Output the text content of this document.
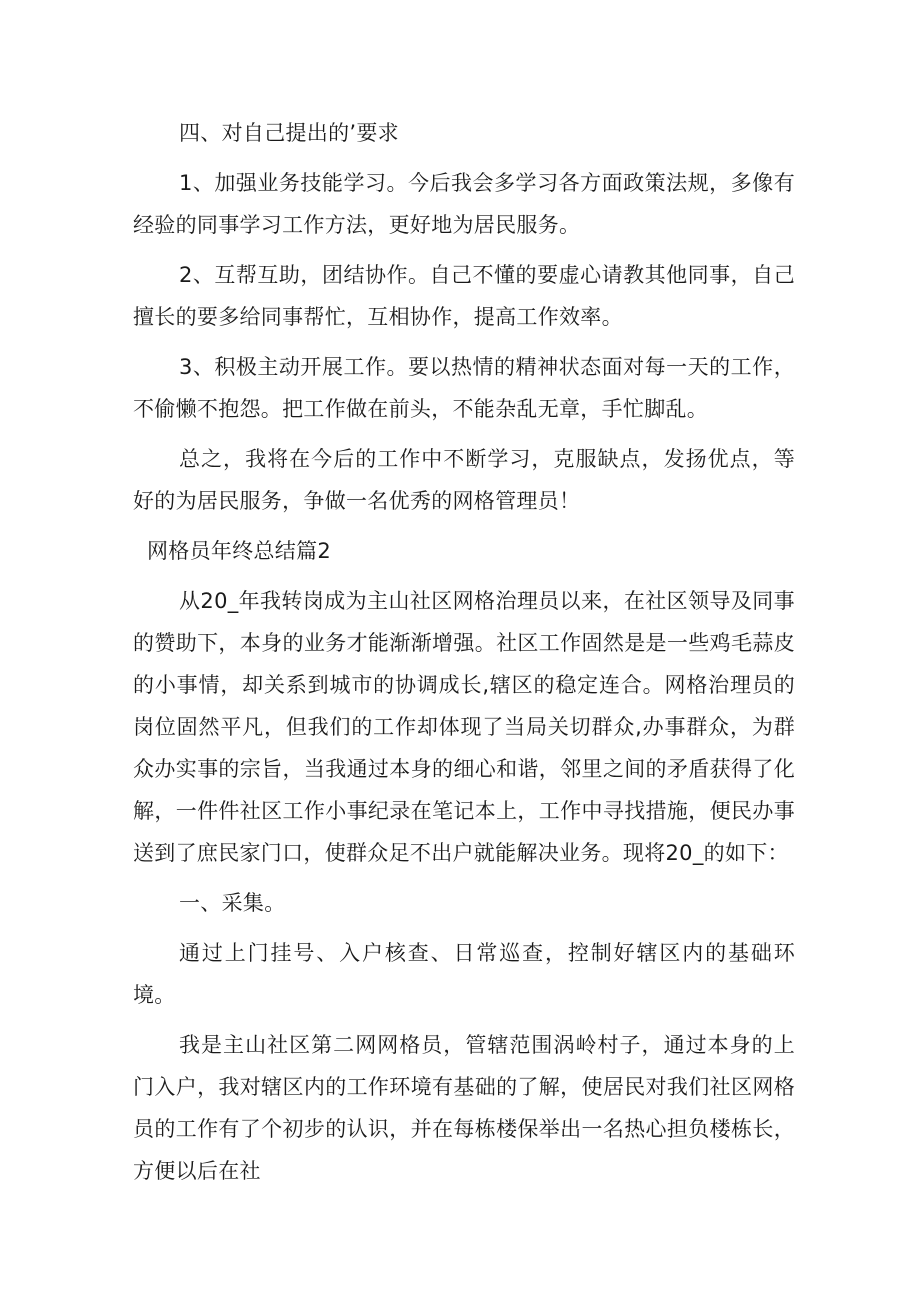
四、对自己提出的’要求

1、加强业务技能学习。今后我会多学习各方面政策法规，多像有经验的同事学习工作方法，更好地为居民服务。

2、互帮互助，团结协作。自己不懂的要虚心请教其他同事，自己擅长的要多给同事帮忙，互相协作，提高工作效率。

3、积极主动开展工作。要以热情的精神状态面对每一天的工作，不偷懒不抱怨。把工作做在前头，不能杂乱无章，手忙脚乱。

总之，我将在今后的工作中不断学习，克服缺点，发扬优点，等好的为居民服务，争做一名优秀的网格管理员！

网格员年终总结篇2

从20_年我转岗成为主山社区网格治理员以来，在社区领导及同事的赞助下，本身的业务才能渐渐增强。社区工作固然是是一些鸡毛蒜皮的小事情，却关系到城市的协调成长,辖区的稳定连合。网格治理员的岗位固然平凡，但我们的工作却体现了当局关切群众,办事群众，为群众办实事的宗旨，当我通过本身的细心和谐，邻里之间的矛盾获得了化解，一件件社区工作小事纪录在笔记本上，工作中寻找措施，便民办事送到了庶民家门口，使群众足不出户就能解决业务。现将20_的如下：

一、采集。

通过上门挂号、入户核查、日常巡查，控制好辖区内的基础环境。

我是主山社区第二网网格员，管辖范围涡岭村子，通过本身的上门入户，我对辖区内的工作环境有基础的了解，使居民对我们社区网格员的工作有了个初步的认识，并在每栋楼保举出一名热心担负楼栋长，方便以后在社
